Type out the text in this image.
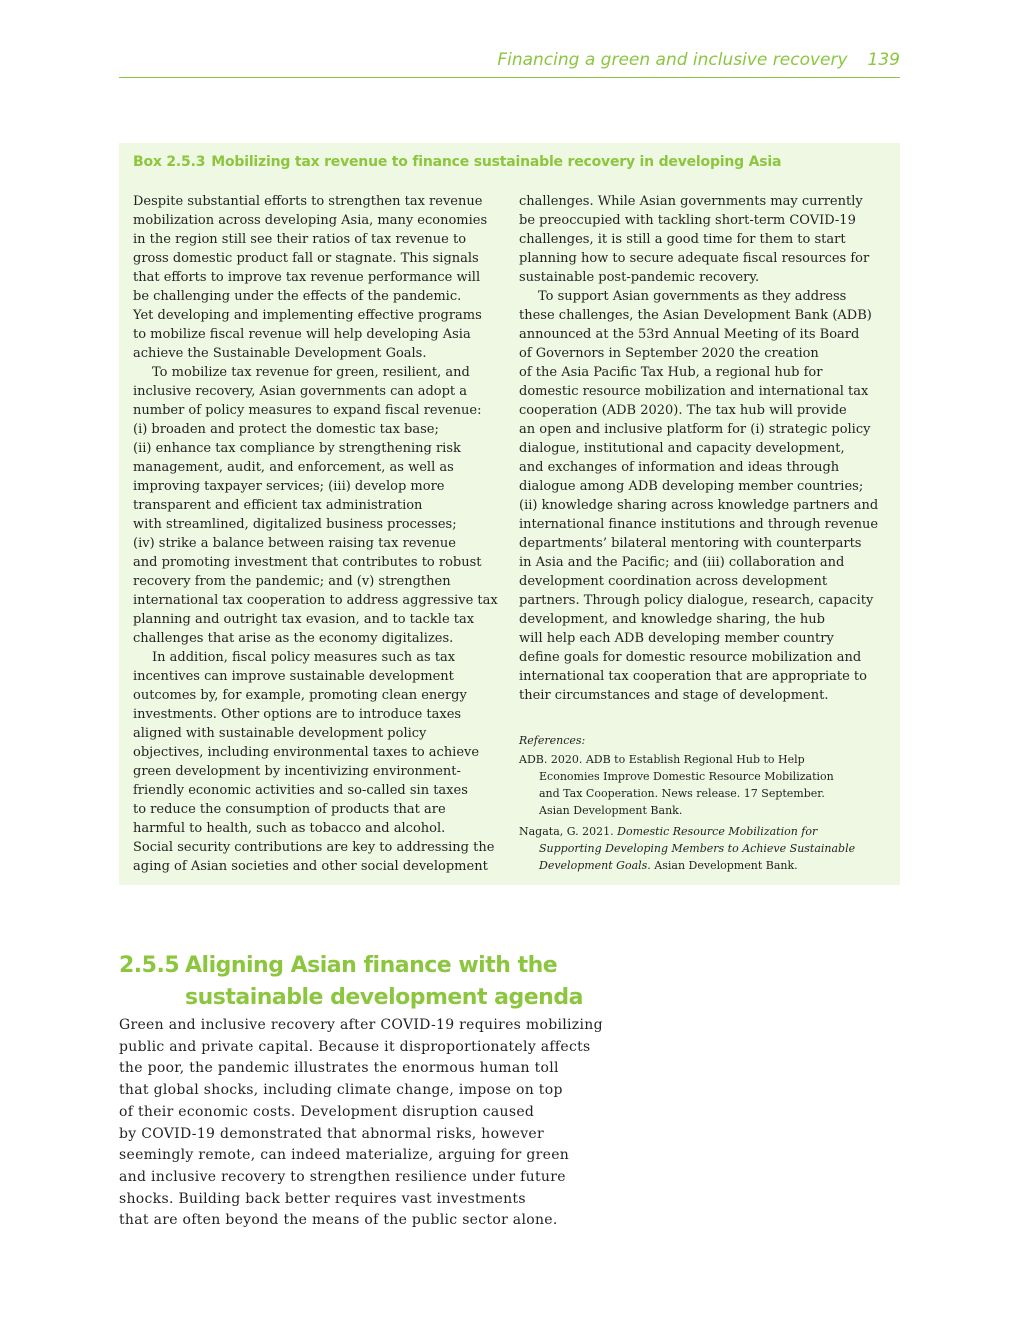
Financing a green and inclusive recovery 139
Box 2.5.3 Mobilizing tax revenue to finance sustainable recovery in developing Asia

Despite substantial efforts to strengthen tax revenue
mobilization across developing Asia, many economies
in the region still see their ratios of tax revenue to
gross domestic product fall or stagnate. This signals
that efforts to improve tax revenue performance will
be challenging under the effects of the pandemic.
Yet developing and implementing effective programs
to mobilize fiscal revenue will help developing Asia
achieve the Sustainable Development Goals.

To mobilize tax revenue for green, resilient, and
inclusive recovery, Asian governments can adopt a
number of policy measures to expand fiscal revenue:
(i) broaden and protect the domestic tax base;
(ii) enhance tax compliance by strengthening risk
management, audit, and enforcement, as well as
improving taxpayer services; (iii) develop more
transparent and efficient tax administration
with streamlined, digitalized business processes;
(iv) strike a balance between raising tax revenue
and promoting investment that contributes to robust
recovery from the pandemic; and (v) strengthen
international tax cooperation to address aggressive tax
planning and outright tax evasion, and to tackle tax
challenges that arise as the economy digitalizes.

In addition, fiscal policy measures such as tax
incentives can improve sustainable development
outcomes by, for example, promoting clean energy
investments. Other options are to introduce taxes
aligned with sustainable development policy
objectives, including environmental taxes to achieve
green development by incentivizing environment-
friendly economic activities and so-called sin taxes
to reduce the consumption of products that are
harmful to health, such as tobacco and alcohol.
Social security contributions are key to addressing the
aging of Asian societies and other social development

challenges. While Asian governments may currently
be preoccupied with tackling short-term COVID-19
challenges, it is still a good time for them to start
planning how to secure adequate fiscal resources for
sustainable post-pandemic recovery.

To support Asian governments as they address
these challenges, the Asian Development Bank (ADB)
announced at the 53rd Annual Meeting of its Board
of Governors in September 2020 the creation
of the Asia Pacific Tax Hub, a regional hub for
domestic resource mobilization and international tax
cooperation (ADB 2020). The tax hub will provide
an open and inclusive platform for (i) strategic policy
dialogue, institutional and capacity development,
and exchanges of information and ideas through
dialogue among ADB developing member countries;
(ii) knowledge sharing across knowledge partners and
international finance institutions and through revenue
departments’ bilateral mentoring with counterparts
in Asia and the Pacific; and (iii) collaboration and
development coordination across development
partners. Through policy dialogue, research, capacity
development, and knowledge sharing, the hub
will help each ADB developing member country
define goals for domestic resource mobilization and
international tax cooperation that are appropriate to
their circumstances and stage of development.

References:

ADB. 2020. ADB to Establish Regional Hub to Help
Economies Improve Domestic Resource Mobilization
and Tax Cooperation. News release. 17 September.
Asian Development Bank.

Nagata, G. 2021. Domestic Resource Mobilization for
Supporting Developing Members to Achieve Sustainable
Development Goals. Asian Development Bank.

2.5.5 Aligning Asian finance with the
sustainable development agenda
Green and inclusive recovery after COVID-19 requires mobilizing
public and private capital. Because it disproportionately affects
the poor, the pandemic illustrates the enormous human toll
that global shocks, including climate change, impose on top
of their economic costs. Development disruption caused
by COVID-19 demonstrated that abnormal risks, however
seemingly remote, can indeed materialize, arguing for green
and inclusive recovery to strengthen resilience under future
shocks. Building back better requires vast investments
that are often beyond the means of the public sector alone.
